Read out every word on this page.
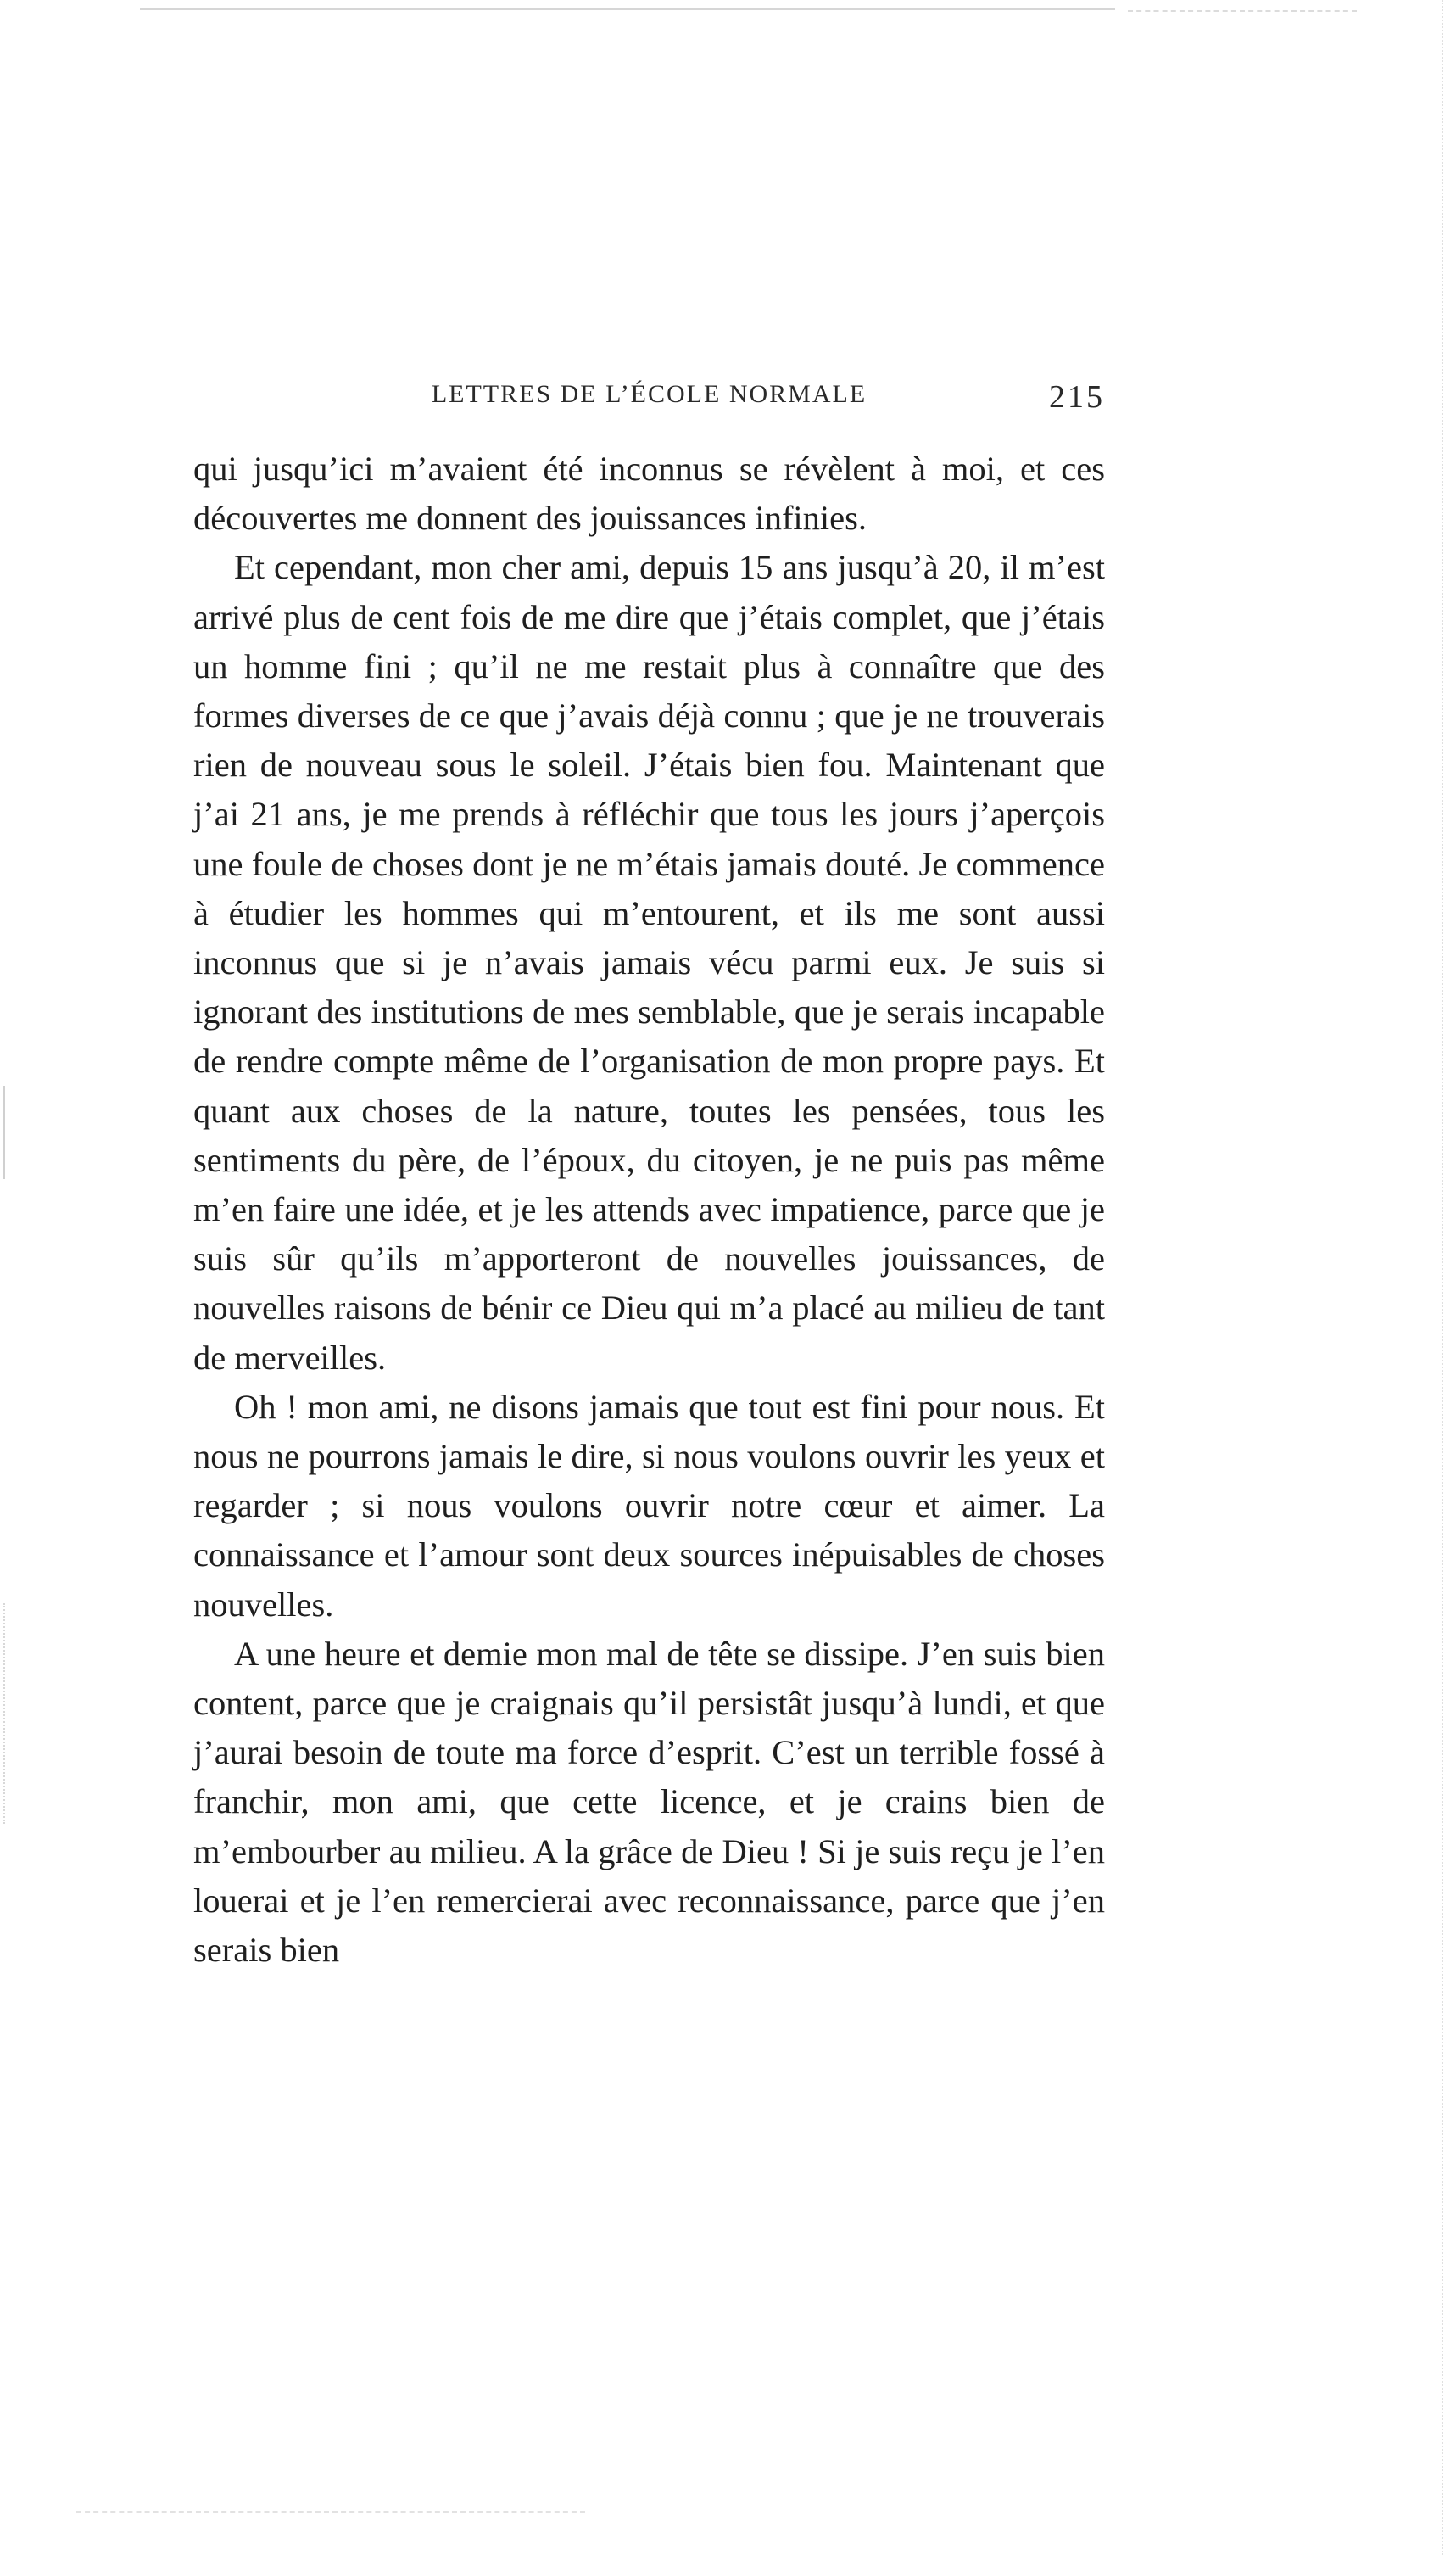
LETTRES DE L’ÉCOLE NORMALE	215

qui jusqu’ici m’avaient été inconnus se révèlent à moi, et ces découvertes me donnent des jouissances infinies.

Et cependant, mon cher ami, depuis 15 ans jusqu’à 20, il m’est arrivé plus de cent fois de me dire que j’étais complet, que j’étais un homme fini ; qu’il ne me restait plus à connaître que des formes diverses de ce que j’avais déjà connu ; que je ne trouverais rien de nouveau sous le soleil. J’étais bien fou. Maintenant que j’ai 21 ans, je me prends à réfléchir que tous les jours j’aperçois une foule de choses dont je ne m’étais jamais douté. Je commence à étudier les hommes qui m’entourent, et ils me sont aussi inconnus que si je n’avais jamais vécu parmi eux. Je suis si ignorant des institutions de mes semblable, que je serais incapable de rendre compte même de l’organisation de mon propre pays. Et quant aux choses de la nature, toutes les pensées, tous les sentiments du père, de l’époux, du citoyen, je ne puis pas même m’en faire une idée, et je les attends avec impatience, parce que je suis sûr qu’ils m’apporteront de nouvelles jouissances, de nouvelles raisons de bénir ce Dieu qui m’a placé au milieu de tant de merveilles.

Oh ! mon ami, ne disons jamais que tout est fini pour nous. Et nous ne pourrons jamais le dire, si nous voulons ouvrir les yeux et regarder ; si nous voulons ouvrir notre cœur et aimer. La connaissance et l’amour sont deux sources inépuisables de choses nouvelles.

A une heure et demie mon mal de tête se dissipe. J’en suis bien content, parce que je craignais qu’il persistât jusqu’à lundi, et que j’aurai besoin de toute ma force d’esprit. C’est un terrible fossé à franchir, mon ami, que cette licence, et je crains bien de m’embourber au milieu. A la grâce de Dieu ! Si je suis reçu je l’en louerai et je l’en remercierai avec reconnaissance, parce que j’en serais bien
